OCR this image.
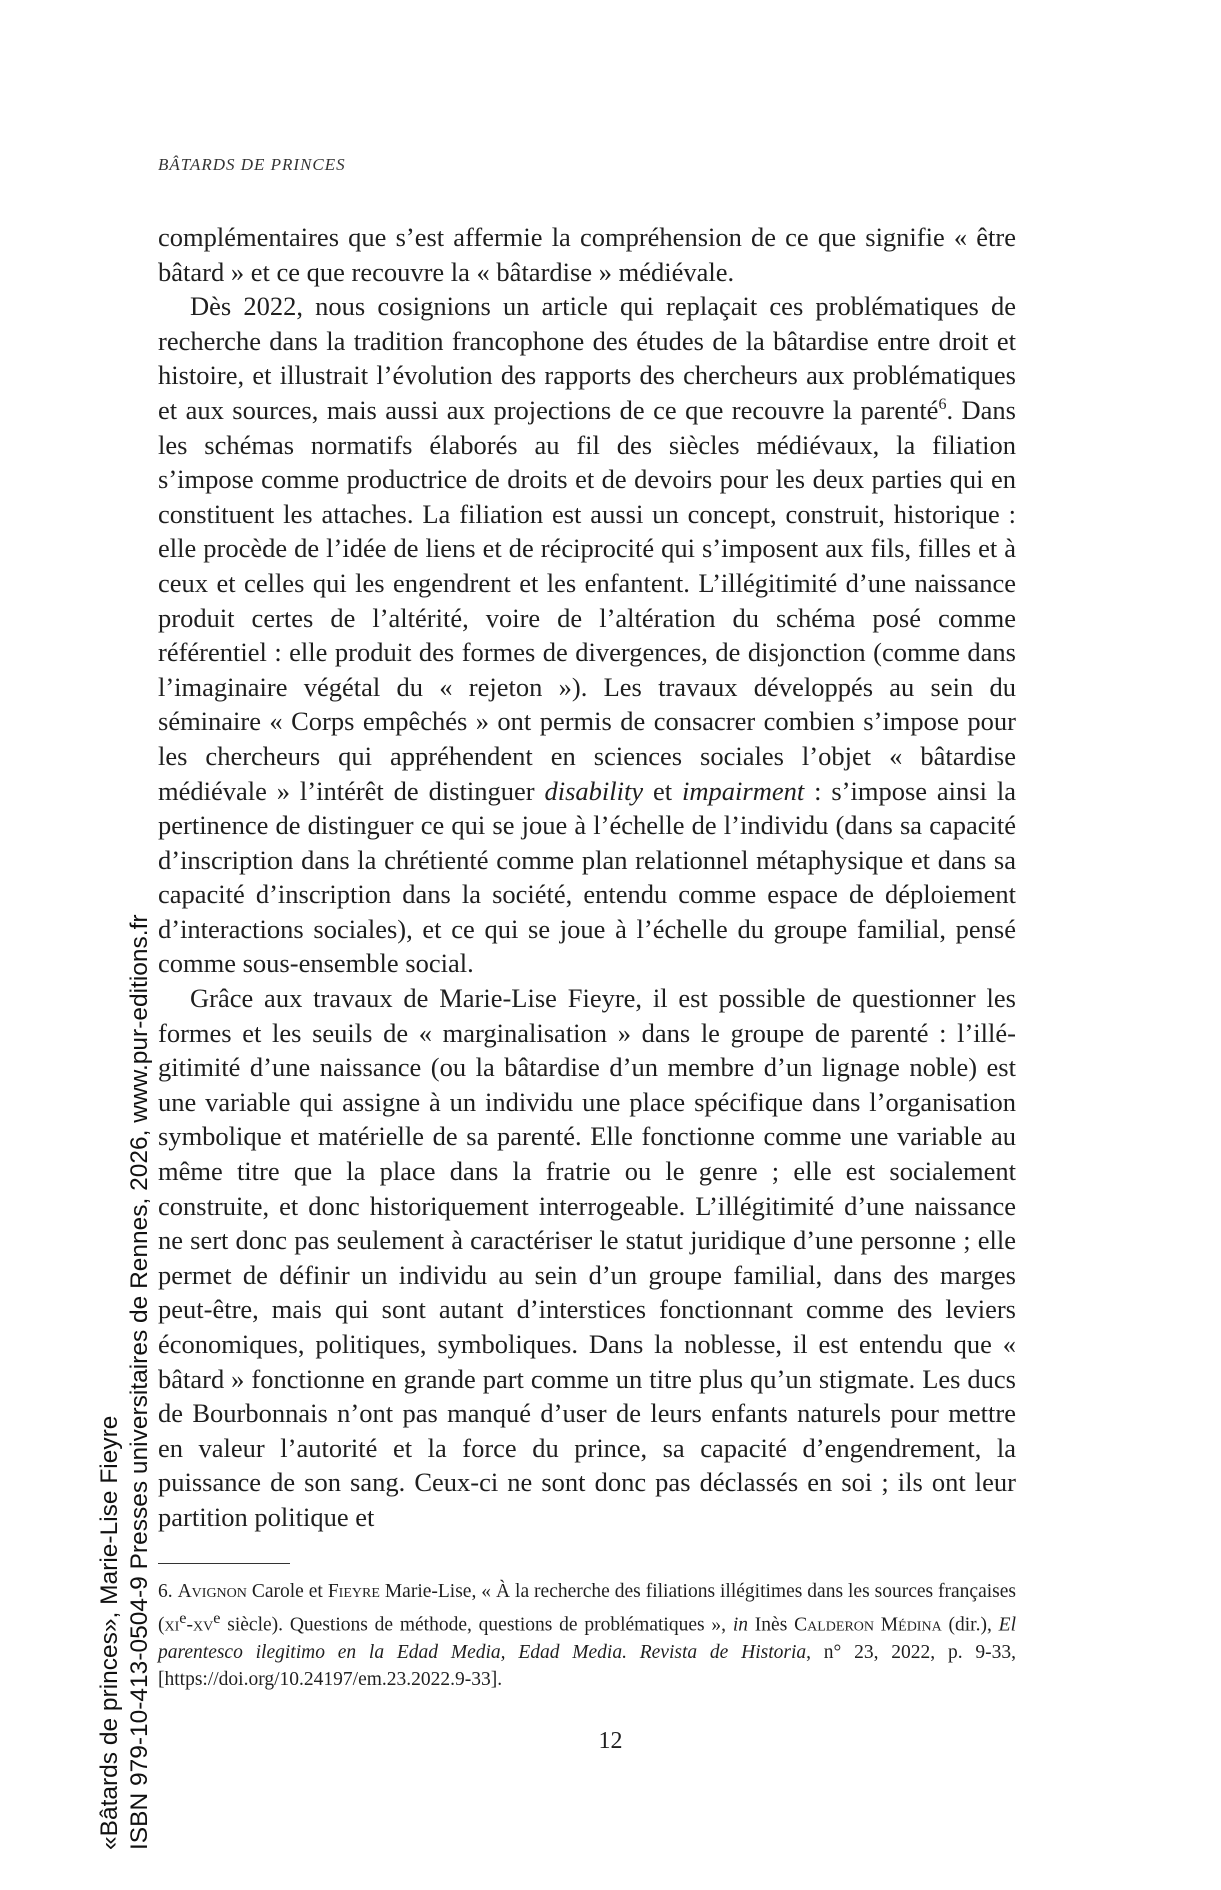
BÂTARDS DE PRINCES

complémentaires que s’est affermie la compréhension de ce que signifie « être bâtard » et ce que recouvre la « bâtardise » médiévale.

Dès 2022, nous cosignions un article qui replaçait ces problématiques de recherche dans la tradition francophone des études de la bâtardise entre droit et histoire, et illustrait l’évolution des rapports des chercheurs aux problématiques et aux sources, mais aussi aux projections de ce que recouvre la parenté$^6$. Dans les schémas normatifs élaborés au fil des siècles médiévaux, la filiation s’impose comme productrice de droits et de devoirs pour les deux parties qui en constituent les attaches. La filiation est aussi un concept, construit, historique : elle procède de l’idée de liens et de réciprocité qui s’imposent aux fils, filles et à ceux et celles qui les engendrent et les enfantent. L’illégitimité d’une naissance produit certes de l’altérité, voire de l’altération du schéma posé comme référentiel : elle produit des formes de divergences, de disjonction (comme dans l’imaginaire végétal du « rejeton »). Les travaux développés au sein du séminaire « Corps empêchés » ont permis de consacrer combien s’impose pour les chercheurs qui appréhendent en sciences sociales l’objet « bâtardise médiévale » l’intérêt de distinguer disability et impairment : s’impose ainsi la pertinence de distinguer ce qui se joue à l’échelle de l’individu (dans sa capacité d’inscription dans la chrétienté comme plan relationnel métaphysique et dans sa capacité d’inscription dans la société, entendu comme espace de déploiement d’interactions sociales), et ce qui se joue à l’échelle du groupe familial, pensé comme sous-ensemble social.

Grâce aux travaux de Marie-Lise Fieyre, il est possible de questionner les formes et les seuils de « marginalisation » dans le groupe de parenté : l’illégitimité d’une naissance (ou la bâtardise d’un membre d’un lignage noble) est une variable qui assigne à un individu une place spécifique dans l’organisation symbolique et matérielle de sa parenté. Elle fonctionne comme une variable au même titre que la place dans la fratrie ou le genre ; elle est socialement construite, et donc historiquement interrogeable. L’illégitimité d’une naissance ne sert donc pas seulement à caractériser le statut juridique d’une personne ; elle permet de définir un individu au sein d’un groupe familial, dans des marges peut-être, mais qui sont autant d’interstices fonctionnant comme des leviers économiques, politiques, symboliques. Dans la noblesse, il est entendu que « bâtard » fonctionne en grande part comme un titre plus qu’un stigmate. Les ducs de Bourbonnais n’ont pas manqué d’user de leurs enfants naturels pour mettre en valeur l’autorité et la force du prince, sa capacité d’engendrement, la puissance de son sang. Ceux-ci ne sont donc pas déclassés en soi ; ils ont leur partition politique et

6. Avignon Carole et Fieyre Marie-Lise, « À la recherche des filiations illégitimes dans les sources françaises ($xi^e-xv^e$ siècle). Questions de méthode, questions de problématiques », in Inès Calderon Médina (dir.), El parentesco ilegitimo en la Edad Media, Edad Media. Revista de Historia, n° 23, 2022, p. 9-33, [https://doi.org/10.24197/em.23.2022.9-33].
12
«Bâtards de princes», Marie-Lise Fieyre ISBN 979-10-413-0504-9 Presses universitaires de Rennes, 2026, www.pur-editions.fr
